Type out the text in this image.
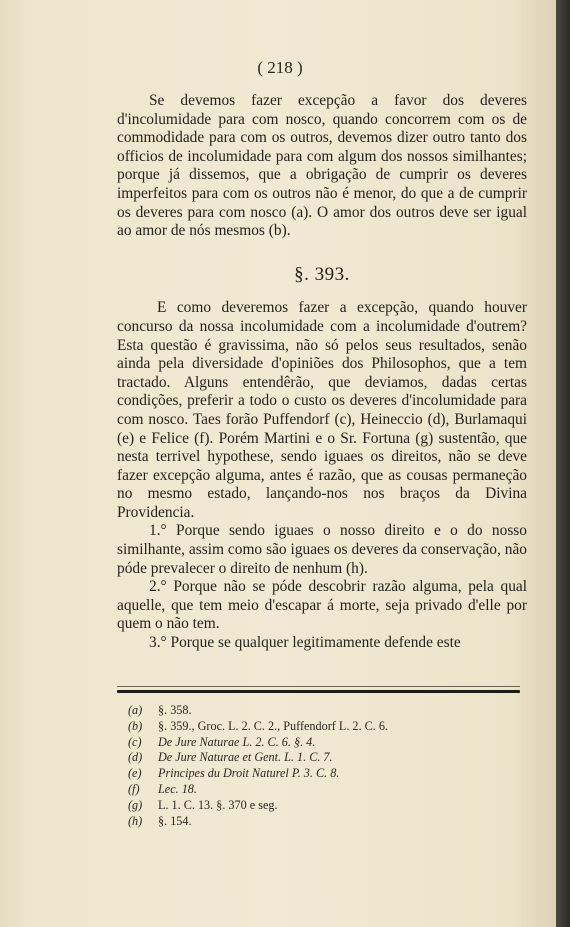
( 218 )

Se devemos fazer excepção a favor dos deveres d'incolumidade para com nosco, quando concorrem com os de commodidade para com os outros, devemos dizer outro tanto dos officios de incolumidade para com algum dos nossos similhantes; porque já dissemos, que a obrigação de cumprir os deveres imperfeitos para com os outros não é menor, do que a de cumprir os deveres para com nosco (a). O amor dos outros deve ser igual ao amor de nós mesmos (b).

§. 393.

E como deveremos fazer a excepção, quando houver concurso da nossa incolumidade com a incolumidade d'outrem? Esta questão é gravissima, não só pelos seus resultados, senão ainda pela diversidade d'opiniões dos Philosophos, que a tem tractado. Alguns entendêrão, que deviamos, dadas certas condições, preferir a todo o custo os deveres d'incolumidade para com nosco. Taes forão Puffendorf (c), Heineccio (d), Burlamaqui (e) e Felice (f). Porém Martini e o Sr. Fortuna (g) sustentão, que nesta terrivel hypothese, sendo iguaes os direitos, não se deve fazer excepção alguma, antes é razão, que as cousas permaneção no mesmo estado, lançando-nos nos braços da Divina Providencia.

1.° Porque sendo iguaes o nosso direito e o do nosso similhante, assim como são iguaes os deveres da conservação, não póde prevalecer o direito de nenhum (h).

2.° Porque não se póde descobrir razão alguma, pela qual aquelle, que tem meio d'escapar á morte, seja privado d'elle por quem o não tem.

3.° Porque se qualquer legitimamente defende este

(a) §. 358.
(b) §. 359., Groc. L. 2. C. 2., Puffendorf L. 2. C. 6.
(c) De Jure Naturae L. 2. C. 6. §. 4.
(d) De Jure Naturae et Gent. L. 1. C. 7.
(e) Principes du Droit Naturel P. 3. C. 8.
(f) Lec. 18.
(g) L. 1. C. 13. §. 370 e seg.
(h) §. 154.
